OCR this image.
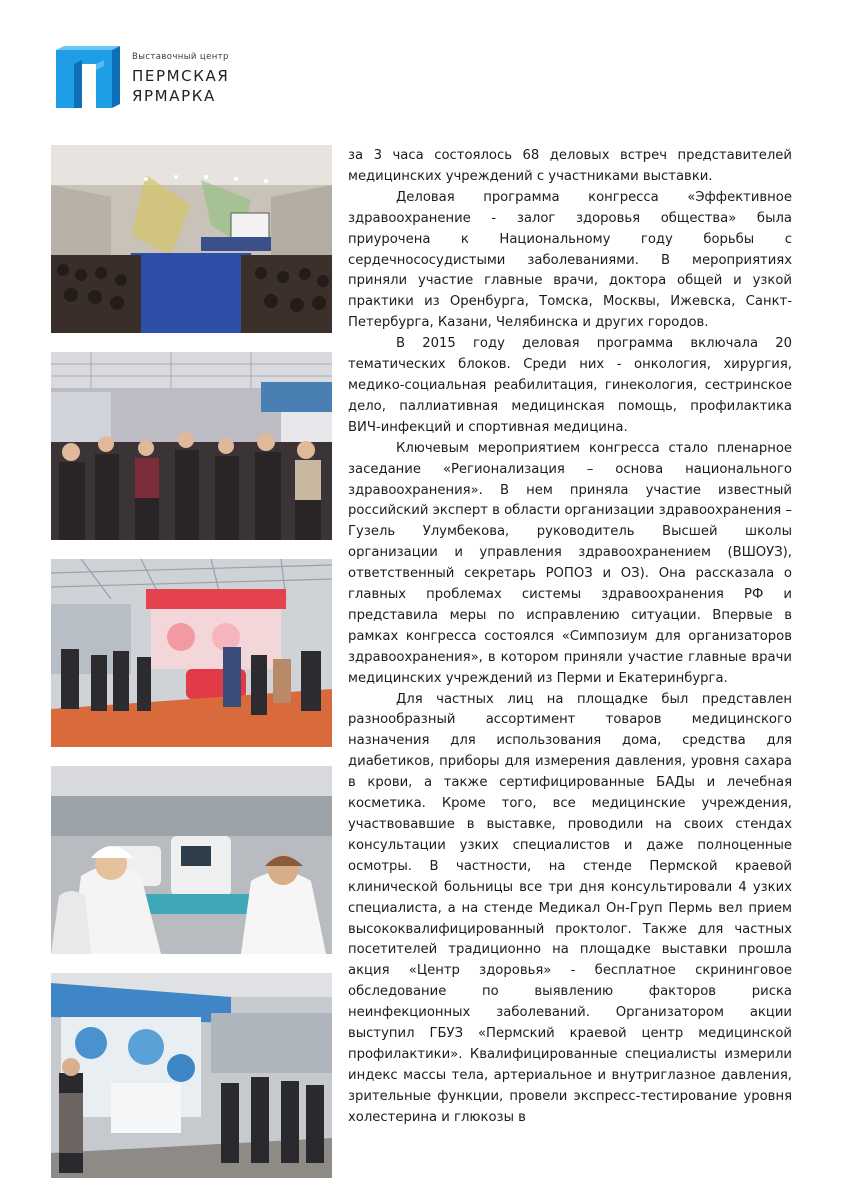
Выставочный центр
ПЕРМСКАЯ
ЯРМАРКА

за 3 часа состоялось 68 деловых встреч представителей медицинских учреждений с участниками выставки.

Деловая программа конгресса «Эффективное здравоохранение - залог здоровья общества» была приурочена к Национальному году борьбы с сердечнососудистыми заболеваниями. В мероприятиях приняли участие главные врачи, доктора общей и узкой практики из Оренбурга, Томска, Москвы, Ижевска, Санкт-Петербурга, Казани, Челябинска и других городов.

В 2015 году деловая программа включала 20 тематических блоков. Среди них - онкология, хирургия, медико-социальная реабилитация, гинекология, сестринское дело, паллиативная медицинская помощь, профилактика ВИЧ-инфекций и спортивная медицина.

Ключевым мероприятием конгресса стало пленарное заседание «Регионализация – основа национального здравоохранения». В нем приняла участие известный российский эксперт в области организации здравоохранения – Гузель Улумбекова, руководитель Высшей школы организации и управления здравоохранением (ВШОУЗ), ответственный секретарь РОПОЗ и ОЗ). Она рассказала о главных проблемах системы здравоохранения РФ и представила меры по исправлению ситуации. Впервые в рамках конгресса состоялся «Симпозиум для организаторов здравоохранения», в котором приняли участие главные врачи медицинских учреждений из Перми и Екатеринбурга.

Для частных лиц на площадке был представлен разнообразный ассортимент товаров медицинского назначения для использования дома, средства для диабетиков, приборы для измерения давления, уровня сахара в крови, а также сертифицированные БАДы и лечебная косметика. Кроме того, все медицинские учреждения, участвовавшие в выставке, проводили на своих стендах консультации узких специалистов и даже полноценные осмотры. В частности, на стенде Пермской краевой клинической больницы все три дня консультировали 4 узких специалиста, а на стенде Медикал Он-Груп Пермь вел прием высококвалифицированный проктолог. Также для частных посетителей традиционно на площадке выставки прошла акция «Центр здоровья» - бесплатное скрининговое обследование по выявлению факторов риска неинфекционных заболеваний. Организатором акции выступил ГБУЗ «Пермский краевой центр медицинской профилактики». Квалифицированные специалисты измерили индекс массы тела, артериальное и внутриглазное давления, зрительные функции, провели экспресс-тестирование уровня холестерина и глюкозы в
